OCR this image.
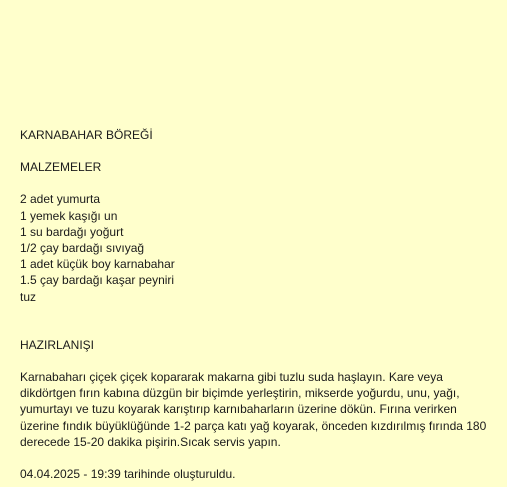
KARNABAHAR BÖREĞİ
MALZEMELER
2 adet yumurta
1 yemek kaşığı un
1 su bardağı yoğurt
1/2 çay bardağı sıvıyağ
1 adet küçük boy karnabahar
1.5 çay bardağı kaşar peyniri
tuz
HAZIRLANIŞI
Karnabaharı çiçek çiçek kopararak makarna gibi tuzlu suda haşlayın. Kare veya dikdörtgen fırın kabına düzgün bir biçimde yerleştirin, mikserde yoğurdu, unu, yağı, yumurtayı ve tuzu koyarak karıştırıp karnıbaharların üzerine dökün. Fırına verirken üzerine fındık büyüklüğünde 1-2 parça katı yağ koyarak, önceden kızdırılmış fırında 180 derecede 15-20 dakika pişirin.Sıcak servis yapın.
04.04.2025 - 19:39 tarihinde oluşturuldu.
